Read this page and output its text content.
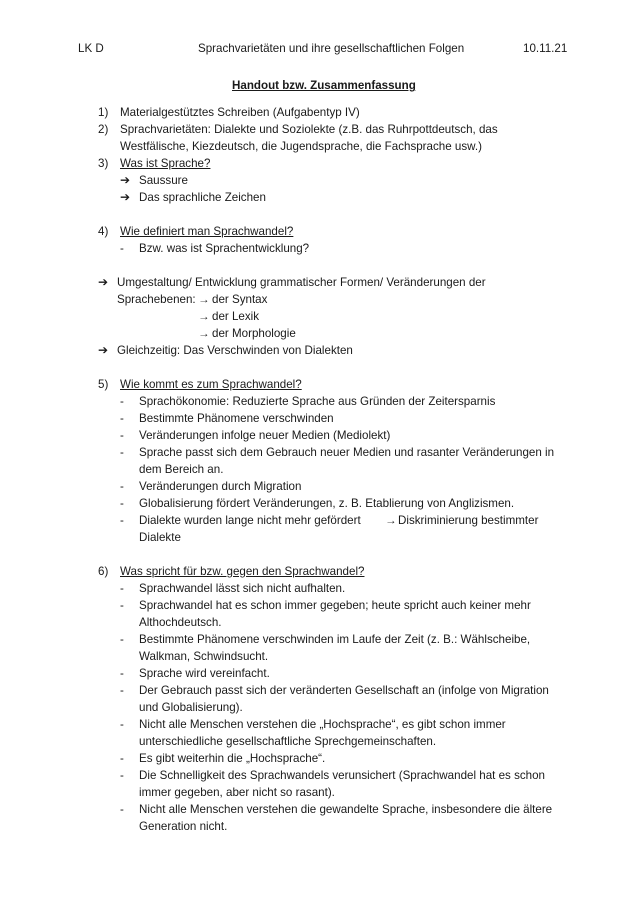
LK D	Sprachvarietäten und ihre gesellschaftlichen Folgen	10.11.21
Handout bzw. Zusammenfassung
1) Materialgestütztes Schreiben (Aufgabentyp IV)
2) Sprachvarietäten: Dialekte und Soziolekte (z.B. das Ruhrpottdeutsch, das
Westfälische, Kiezdeutsch, die Jugendsprache, die Fachsprache usw.)
3) Was ist Sprache?
➔ Saussure
➔ Das sprachliche Zeichen
4) Wie definiert man Sprachwandel?
- Bzw. was ist Sprachentwicklung?
➔ Umgestaltung/ Entwicklung grammatischer Formen/ Veränderungen der
Sprachebenen: → der Syntax
→ der Lexik
→ der Morphologie
➔ Gleichzeitig: Das Verschwinden von Dialekten
5) Wie kommt es zum Sprachwandel?
- Sprachökonomie: Reduzierte Sprache aus Gründen der Zeitersparnis
- Bestimmte Phänomene verschwinden
- Veränderungen infolge neuer Medien (Mediolekt)
- Sprache passt sich dem Gebrauch neuer Medien und rasanter Veränderungen in
dem Bereich an.
- Veränderungen durch Migration
- Globalisierung fördert Veränderungen, z. B. Etablierung von Anglizismen.
- Dialekte wurden lange nicht mehr gefördert → Diskriminierung bestimmter
Dialekte
6) Was spricht für bzw. gegen den Sprachwandel?
- Sprachwandel lässt sich nicht aufhalten.
- Sprachwandel hat es schon immer gegeben; heute spricht auch keiner mehr
Althochdeutsch.
- Bestimmte Phänomene verschwinden im Laufe der Zeit (z. B.: Wählscheibe,
Walkman, Schwindsucht.
- Sprache wird vereinfacht.
- Der Gebrauch passt sich der veränderten Gesellschaft an (infolge von Migration
und Globalisierung).
- Nicht alle Menschen verstehen die „Hochsprache“, es gibt schon immer
unterschiedliche gesellschaftliche Sprechgemeinschaften.
- Es gibt weiterhin die „Hochsprache“.
- Die Schnelligkeit des Sprachwandels verunsichert (Sprachwandel hat es schon
immer gegeben, aber nicht so rasant).
- Nicht alle Menschen verstehen die gewandelte Sprache, insbesondere die ältere
Generation nicht.
